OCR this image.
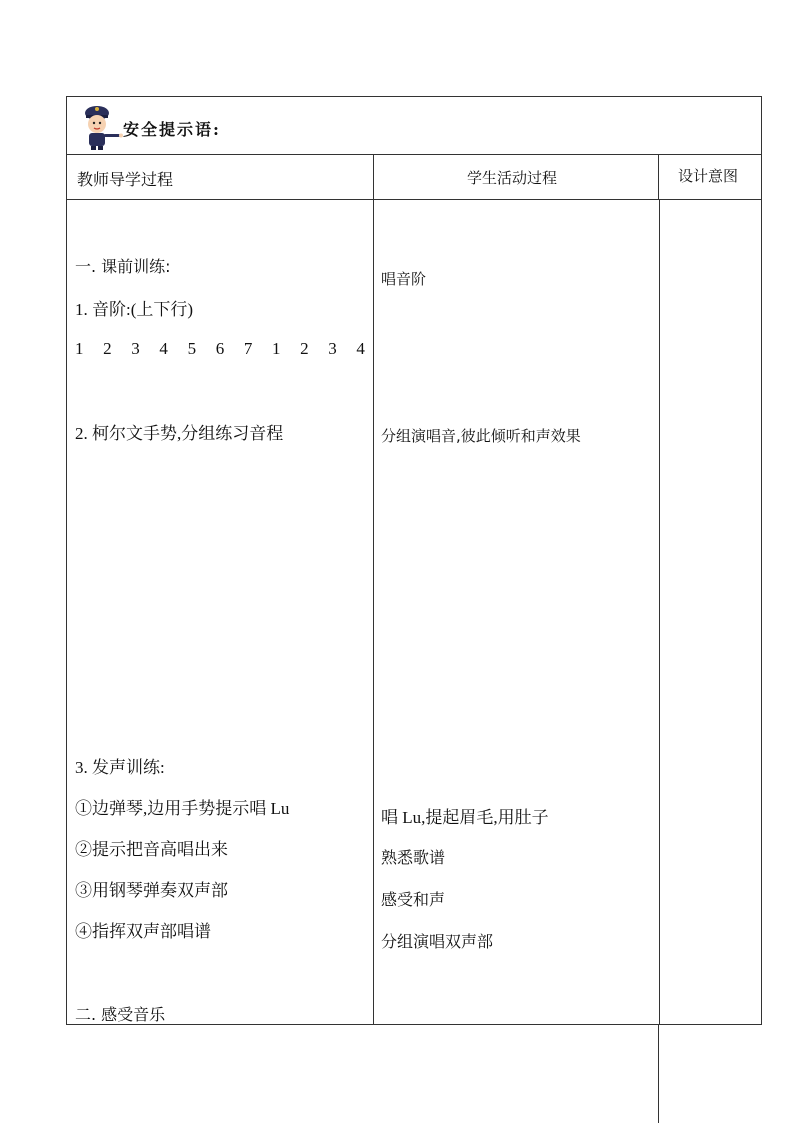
安全提示语:
教师导学过程	学生活动过程	设计意图
一. 课前训练:
1. 音阶:(上下行)
1 2 3 4 5 6 7 1 2 3 4
2. 柯尔文手势,分组练习音程
3. 发声训练:
①边弹琴,边用手势提示唱 Lu
②提示把音高唱出来
③用钢琴弹奏双声部
④指挥双声部唱谱
二. 感受音乐
唱音阶
分组演唱音,彼此倾听和声效果
唱 Lu,提起眉毛,用肚子
熟悉歌谱
感受和声
分组演唱双声部
